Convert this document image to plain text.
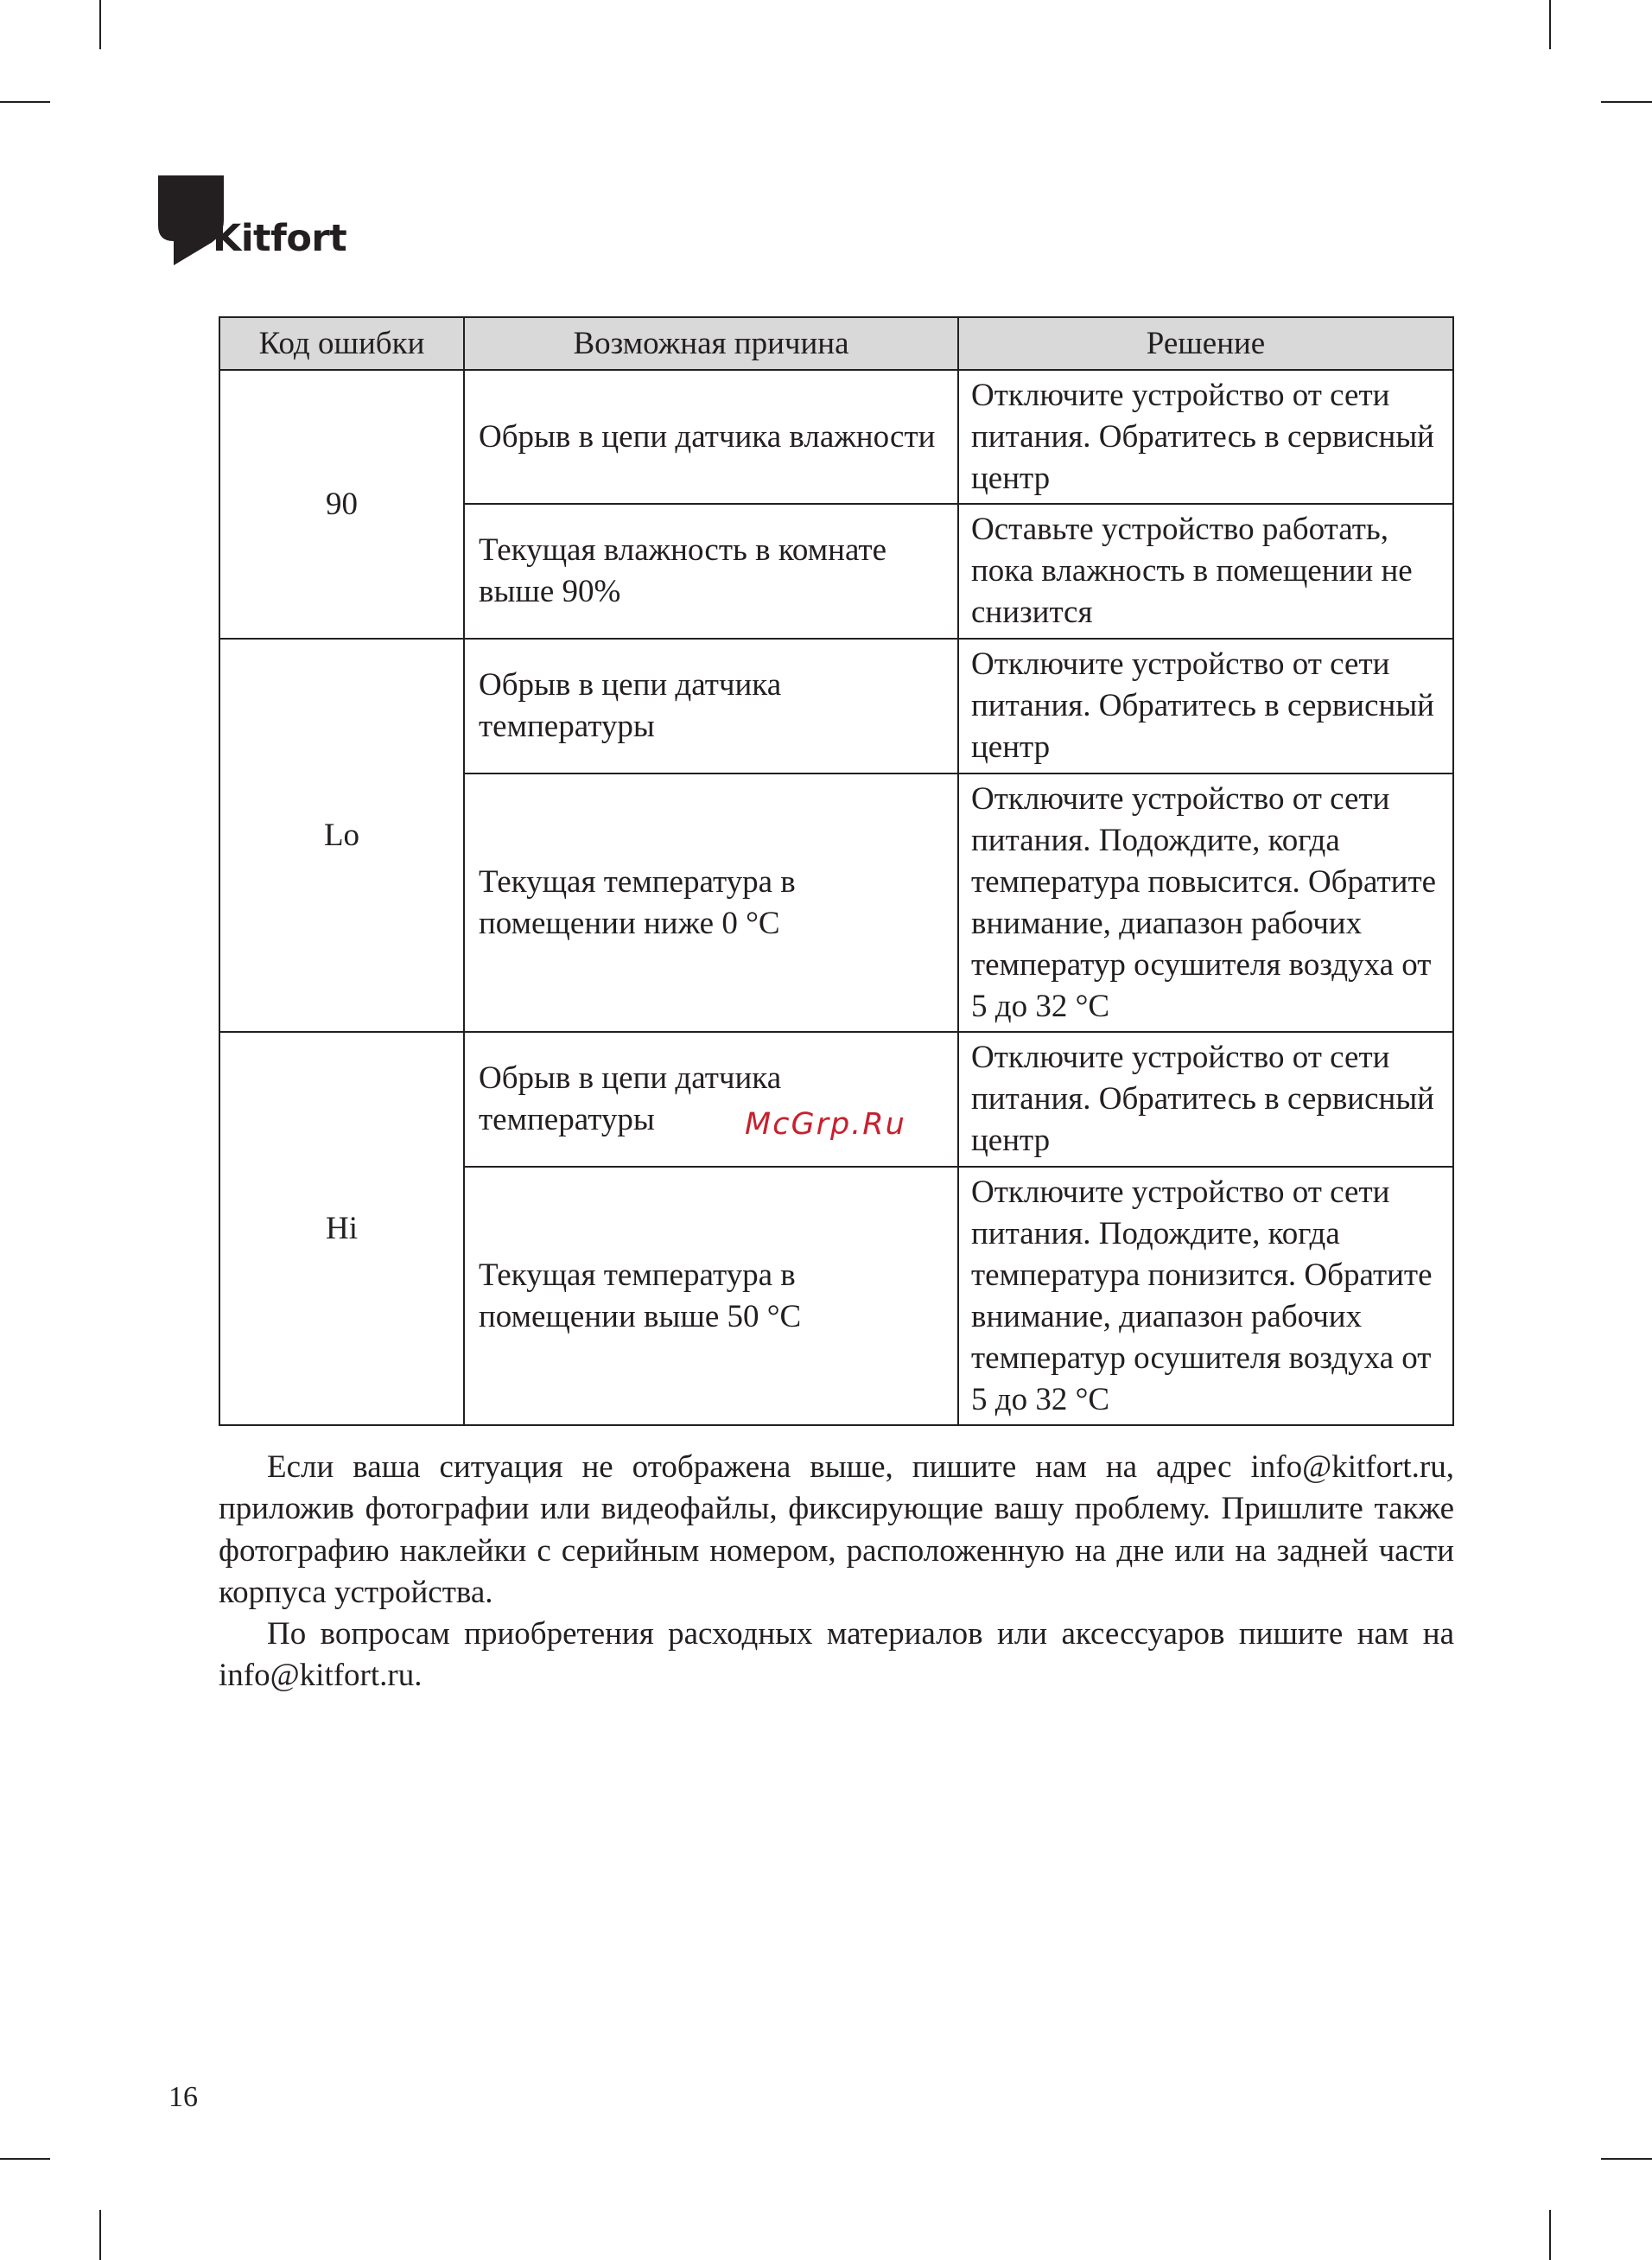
Kitfort
Код ошибки	Возможная причина	Решение
90	Обрыв в цепи датчика влажности	Отключите устройство от сети питания. Обратитесь в сервисный центр
	Текущая влажность в комнате выше 90%	Оставьте устройство работать, пока влажность в помещении не снизится
Lo	Обрыв в цепи датчика температуры	Отключите устройство от сети питания. Обратитесь в сервисный центр
	Текущая температура в помещении ниже 0 °C	Отключите устройство от сети питания. Подождите, когда температура повысится. Обратите внимание, диапазон рабочих температур осушителя воздуха от 5 до 32 °C
Hi	Обрыв в цепи датчика температуры	Отключите устройство от сети питания. Обратитесь в сервисный центр
	Текущая температура в помещении выше 50 °C	Отключите устройство от сети питания. Подождите, когда температура понизится. Обратите внимание, диапазон рабочих температур осушителя воздуха от 5 до 32 °C
McGrp.Ru

Если ваша ситуация не отображена выше, пишите нам на адрес info@kitfort.ru, приложив фотографии или видеофайлы, фиксирующие вашу проблему. Пришлите также фотографию наклейки с серийным номером, расположенную на дне или на задней части корпуса устройства.

По вопросам приобретения расходных материалов или аксессуаров пишите нам на info@kitfort.ru.

16
